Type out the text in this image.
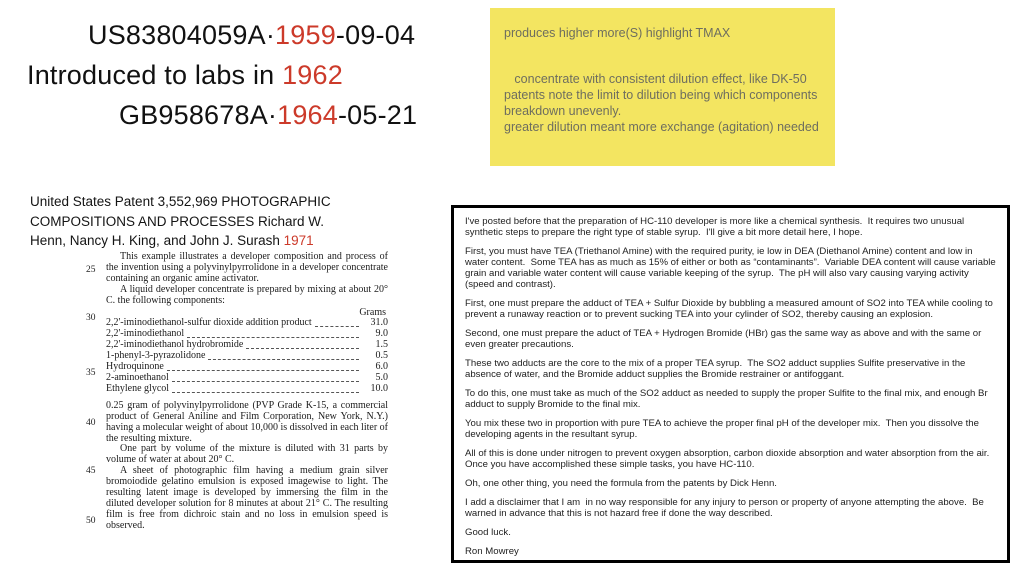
US83804059A·1959-09-04
Introduced to labs in 1962
GB958678A·1964-05-21
produces higher more(S) highlight TMAX
concentrate with consistent dilution effect, like DK-50
patents note the limit to dilution being which components
breakdown unevenly.
greater dilution meant more exchange (agitation) needed
United States Patent 3,552,969 PHOTOGRAPHIC COMPOSITIONS AND PROCESSES Richard W. Henn, Nancy H. King, and John J. Surash 1971
25
30
35
40
45
50

This example illustrates a developer composition and process of the invention using a polyvinylpyrrolidone in a developer concentrate containing an organic amine activator.

A liquid developer concentrate is prepared by mixing at about 20° C. the following components:

Grams
2,2'-iminodiethanol-sulfur dioxide addition product	31.0
2,2'-iminodiethanol	9.0
2,2'-iminodiethanol hydrobromide	1.5
1-phenyl-3-pyrazolidone	0.5
Hydroquinone	6.0
2-aminoethanol	5.0
Ethylene glycol	10.0

0.25 gram of polyvinylpyrrolidone (PVP Grade K-15, a commercial product of General Aniline and Film Corporation, New York, N.Y.) having a molecular weight of about 10,000 is dissolved in each liter of the resulting mixture.

One part by volume of the mixture is diluted with 31 parts by volume of water at about 20° C.

A sheet of photographic film having a medium grain silver bromoiodide gelatino emulsion is exposed imagewise to light. The resulting latent image is developed by immersing the film in the diluted developer solution for 8 minutes at about 21° C. The resulting film is free from dichroic stain and no loss in emulsion speed is observed.

I've posted before that the preparation of HC-110 developer is more like a chemical synthesis.  It requires two unusual synthetic steps to prepare the right type of stable syrup.  I'll give a bit more detail here, I hope.

First, you must have TEA (Triethanol Amine) with the required purity, ie low in DEA (Diethanol Amine) content and low in water content.  Some TEA has as much as 15% of either or both as “contaminants”.  Variable DEA content will cause variable grain and variable water content will cause variable keeping of the syrup.  The pH will also vary causing varying activity (speed and contrast).

First, one must prepare the adduct of TEA + Sulfur Dioxide by bubbling a measured amount of SO2 into TEA while cooling to prevent a runaway reaction or to prevent sucking TEA into your cylinder of SO2, thereby causing an explosion.

Second, one must prepare the aduct of TEA + Hydrogen Bromide (HBr) gas the same way as above and with the same or even greater precautions.

These two adducts are the core to the mix of a proper TEA syrup.  The SO2 adduct supplies Sulfite preservative in the absence of water, and the Bromide adduct supplies the Bromide restrainer or antifoggant.

To do this, one must take as much of the SO2 adduct as needed to supply the proper Sulfite to the final mix, and enough Br adduct to supply Bromide to the final mix.

You mix these two in proportion with pure TEA to achieve the proper final pH of the developer mix.  Then you dissolve the developing agents in the resultant syrup.

All of this is done under nitrogen to prevent oxygen absorption, carbon dioxide absorption and water absorption from the air.  Once you have accomplished these simple tasks, you have HC-110.

Oh, one other thing, you need the formula from the patents by Dick Henn.

I add a disclaimer that I am  in no way responsible for any injury to person or property of anyone attempting the above.  Be warned in advance that this is not hazard free if done the way described.

Good luck.

Ron Mowrey
